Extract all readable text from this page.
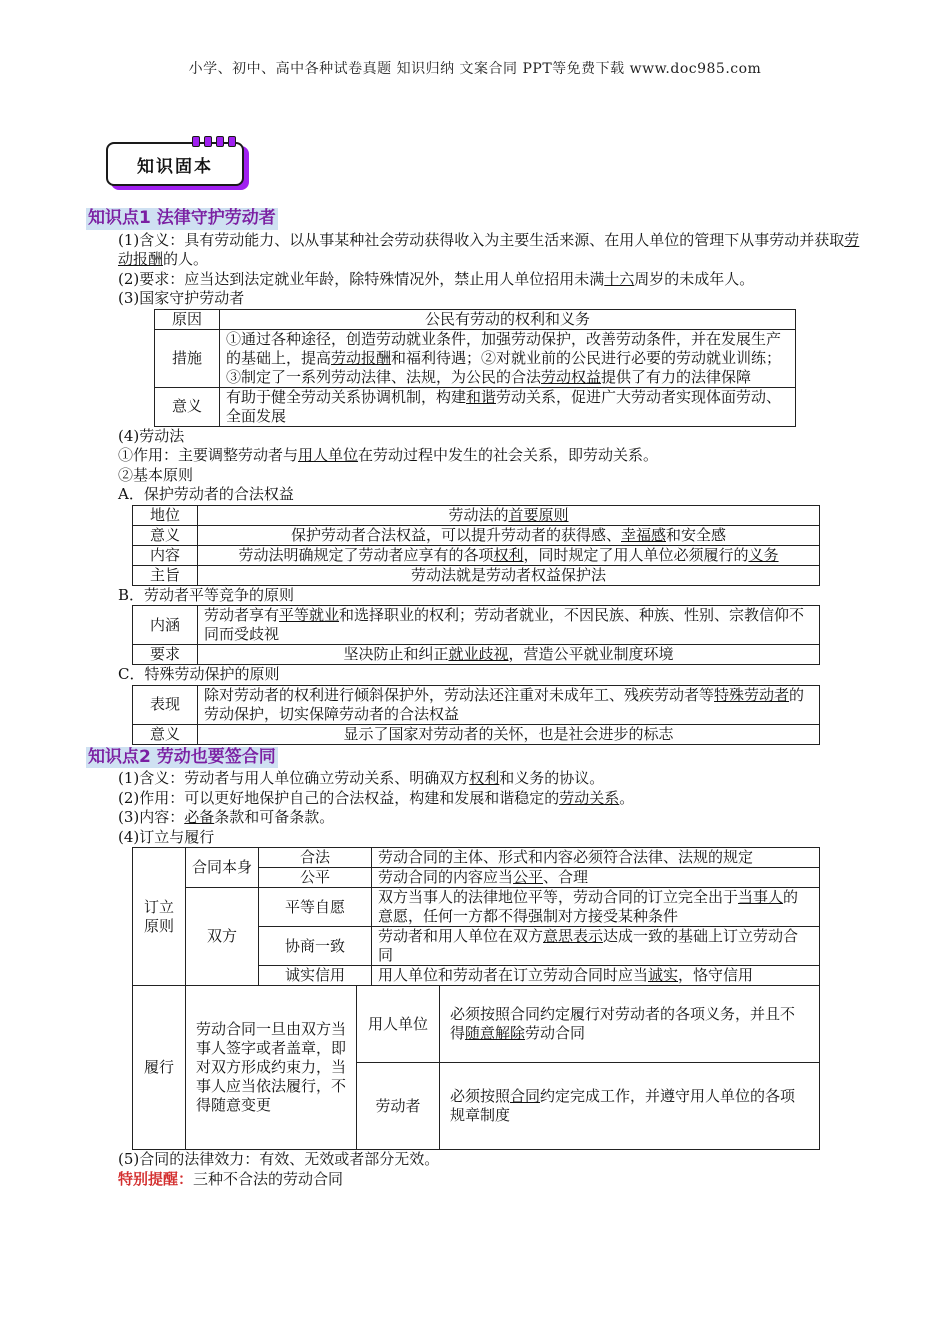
小学、初中、高中各种试卷真题 知识归纳 文案合同 PPT等免费下载 www.doc985.com
知识固本
知识点1 法律守护劳动者

(1)含义：具有劳动能力、以从事某种社会劳动获得收入为主要生活来源、在用人单位的管理下从事劳动并获取劳动报酬的人。

(2)要求：应当达到法定就业年龄，除特殊情况外，禁止用人单位招用未满十六周岁的未成年人。

(3)国家守护劳动者

原因	公民有劳动的权利和义务
措施	①通过各种途径，创造劳动就业条件，加强劳动保护，改善劳动条件，并在发展生产的基础上，提高劳动报酬和福利待遇；②对就业前的公民进行必要的劳动就业训练；③制定了一系列劳动法律、法规，为公民的合法劳动权益提供了有力的法律保障
意义	有助于健全劳动关系协调机制，构建和谐劳动关系，促进广大劳动者实现体面劳动、全面发展

(4)劳动法

①作用：主要调整劳动者与用人单位在劳动过程中发生的社会关系，即劳动关系。

②基本原则

A．保护劳动者的合法权益

地位	劳动法的首要原则
意义	保护劳动者合法权益，可以提升劳动者的获得感、幸福感和安全感
内容	劳动法明确规定了劳动者应享有的各项权利，同时规定了用人单位必须履行的义务
主旨	劳动法就是劳动者权益保护法

B．劳动者平等竞争的原则

内涵	劳动者享有平等就业和选择职业的权利；劳动者就业，不因民族、种族、性别、宗教信仰不同而受歧视
要求	坚决防止和纠正就业歧视，营造公平就业制度环境

C．特殊劳动保护的原则

表现	除对劳动者的权利进行倾斜保护外，劳动法还注重对未成年工、残疾劳动者等特殊劳动者的劳动保护，切实保障劳动者的合法权益
意义	显示了国家对劳动者的关怀，也是社会进步的标志
知识点2 劳动也要签合同

(1)含义：劳动者与用人单位确立劳动关系、明确双方权利和义务的协议。

(2)作用：可以更好地保护自己的合法权益，构建和发展和谐稳定的劳动关系。

(3)内容：必备条款和可备条款。

(4)订立与履行

订立原则	合同本身	合法	劳动合同的主体、形式和内容必须符合法律、法规的规定
		公平	劳动合同的内容应当公平、合理
	双方	平等自愿	双方当事人的法律地位平等，劳动合同的订立完全出于当事人的意愿，任何一方都不得强制对方接受某种条件
		协商一致	劳动者和用人单位在双方意思表示达成一致的基础上订立劳动合同
		诚实信用	用人单位和劳动者在订立劳动合同时应当诚实，恪守信用
履行	劳动合同一旦由双方当事人签字或者盖章，即对双方形成约束力，当事人应当依法履行，不得随意变更	用人单位	必须按照合同约定履行对劳动者的各项义务，并且不得随意解除劳动合同
		劳动者	必须按照合同约定完成工作，并遵守用人单位的各项规章制度

(5)合同的法律效力：有效、无效或者部分无效。

特别提醒：三种不合法的劳动合同
